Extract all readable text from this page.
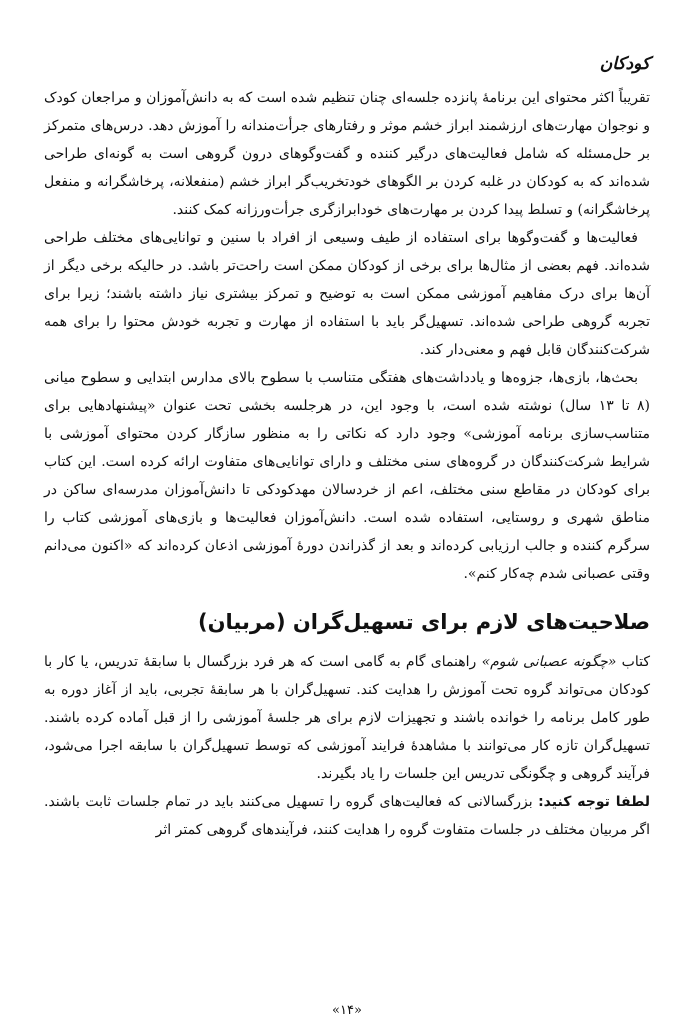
کودکان

تقریباً اکثر محتوای این برنامهٔ پانزده جلسه‌ای چنان تنظیم شده است که به دانش‌آموزان و مراجعان کودک و نوجوان مهارت‌های ارزشمند ابراز خشم موثر و رفتارهای جرأت‌مندانه را آموزش دهد. درس‌های متمرکز بر حل‌مسئله که شامل فعالیت‌های درگیر کننده و گفت‌وگوهای درون گروهی است به گونه‌ای طراحی شده‌اند که به کودکان در غلبه کردن بر الگوهای خودتخریب‌گر ابراز خشم (منفعلانه، پرخاشگرانه و منفعل پرخاشگرانه) و تسلط پیدا کردن بر مهارت‌های خودابرازگری جرأت‌ورزانه کمک کنند.

فعالیت‌ها و گفت‌وگوها برای استفاده از طیف وسیعی از افراد با سنین و توانایی‌های مختلف طراحی شده‌اند. فهم بعضی از مثال‌ها برای برخی از کودکان ممکن است راحت‌تر باشد. در حالیکه برخی دیگر از آن‌ها برای درک مفاهیم آموزشی ممکن است به توضیح و تمرکز بیشتری نیاز داشته باشند؛ زیرا برای تجربه گروهی طراحی شده‌اند. تسهیل‌گر باید با استفاده از مهارت و تجربه خودش محتوا را برای همه شرکت‌کنندگان قابل فهم و معنی‌دار کند.

بحث‌ها، بازی‌ها، جزوه‌ها و یادداشت‌های هفتگی متناسب با سطوح بالای مدارس ابتدایی و سطوح میانی (۸ تا ۱۳ سال) نوشته شده است، با وجود این، در هرجلسه بخشی تحت عنوان «پیشنهادهایی برای متناسب‌سازی برنامه آموزشی» وجود دارد که نکاتی را به منظور سازگار کردن محتوای آموزشی با شرایط شرکت‌کنندگان در گروه‌های سنی مختلف و دارای توانایی‌های متفاوت ارائه کرده است. این کتاب برای کودکان در مقاطع سنی مختلف، اعم از خردسالان مهدکودکی تا دانش‌آموزان مدرسه‌ای ساکن در مناطق شهری و روستایی، استفاده شده است. دانش‌آموزان فعالیت‌ها و بازی‌های آموزشی کتاب را سرگرم کننده و جالب ارزیابی کرده‌اند و بعد از گذراندن دورهٔ آموزشی اذعان کرده‌اند که «اکنون می‌دانم وقتی عصبانی شدم چه‌کار کنم».

صلاحیت‌های لازم برای تسهیل‌گران (مربیان)

کتاب «چگونه عصبانی شوم» راهنمای گام به گامی است که هر فرد بزرگسال با سابقهٔ تدریس، یا کار با کودکان می‌تواند گروه تحت آموزش را هدایت کند. تسهیل‌گران با هر سابقهٔ تجربی، باید از آغاز دوره به طور کامل برنامه را خوانده باشند و تجهیزات لازم برای هر جلسهٔ آموزشی را از قبل آماده کرده باشند. تسهیل‌گران تازه کار می‌توانند با مشاهدهٔ فرایند آموزشی که توسط تسهیل‌گران با سابقه اجرا می‌شود، فرآیند گروهی و چگونگی تدریس این جلسات را یاد بگیرند.

لطفا توجه کنید: بزرگسالانی که فعالیت‌های گروه را تسهیل می‌کنند باید در تمام جلسات ثابت باشند. اگر مربیان مختلف در جلسات متفاوت گروه را هدایت کنند، فرآیندهای گروهی کمتر اثر

«۱۴»
